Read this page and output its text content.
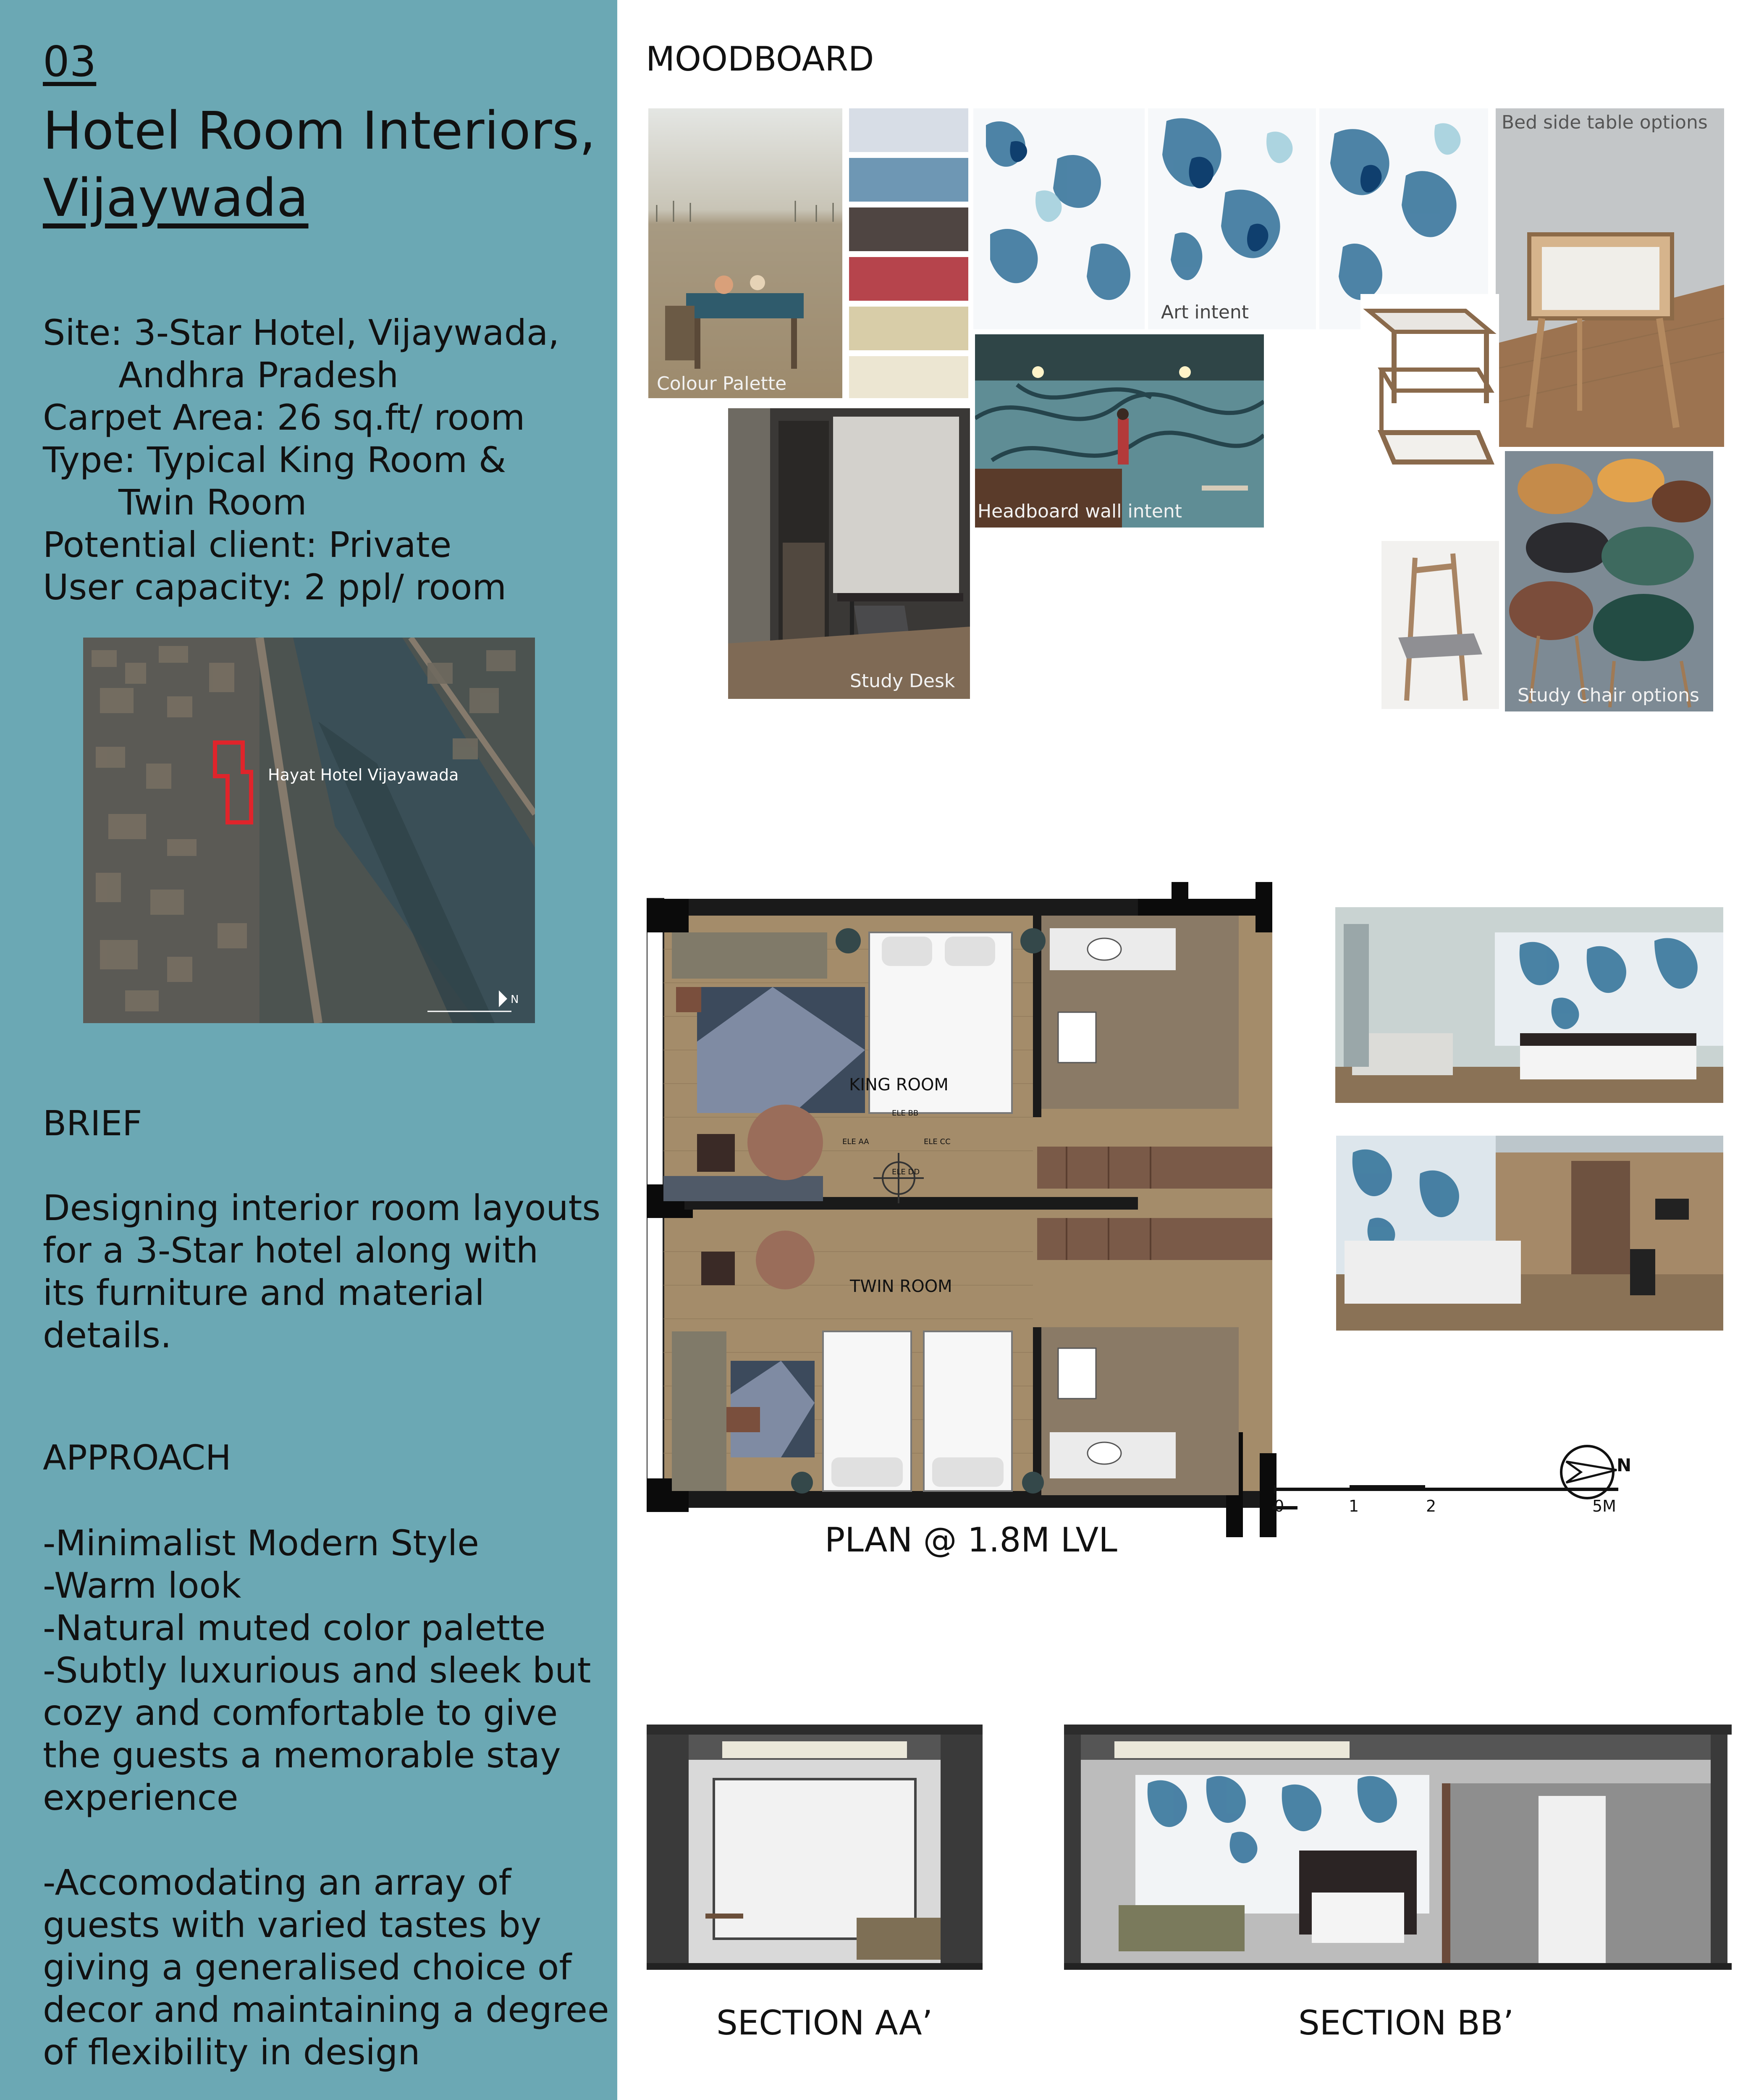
03
Hotel Room Interiors,
Vijaywada
Site: 3-Star Hotel, Vijaywada,
Andhra Pradesh
Carpet Area: 26 sq.ft/ room
Type: Typical King Room &
Twin Room
Potential client: Private
User capacity: 2 ppl/ room
Hayat Hotel Vijayawada
N
BRIEF
Designing interior room layouts
for a 3-Star hotel along with
its furniture and material
details.
APPROACH
-Minimalist Modern Style
-Warm look
-Natural muted color palette
-Subtly luxurious and sleek but
cozy and comfortable to give
the guests a memorable stay
experience
-Accomodating an array of
guests with varied tastes by
giving a generalised choice of
decor and maintaining a degree
of flexibility in design
MOODBOARD
Colour Palette
Art intent
Bed side table options
Headboard wall intent
Study Desk
Study Chair options
KING ROOM
TWIN ROOM
ELE BB
ELE AA	ELE CC
ELE DD
0	1	2	5M
N
PLAN @ 1.8M LVL
SECTION AA’	SECTION BB’
